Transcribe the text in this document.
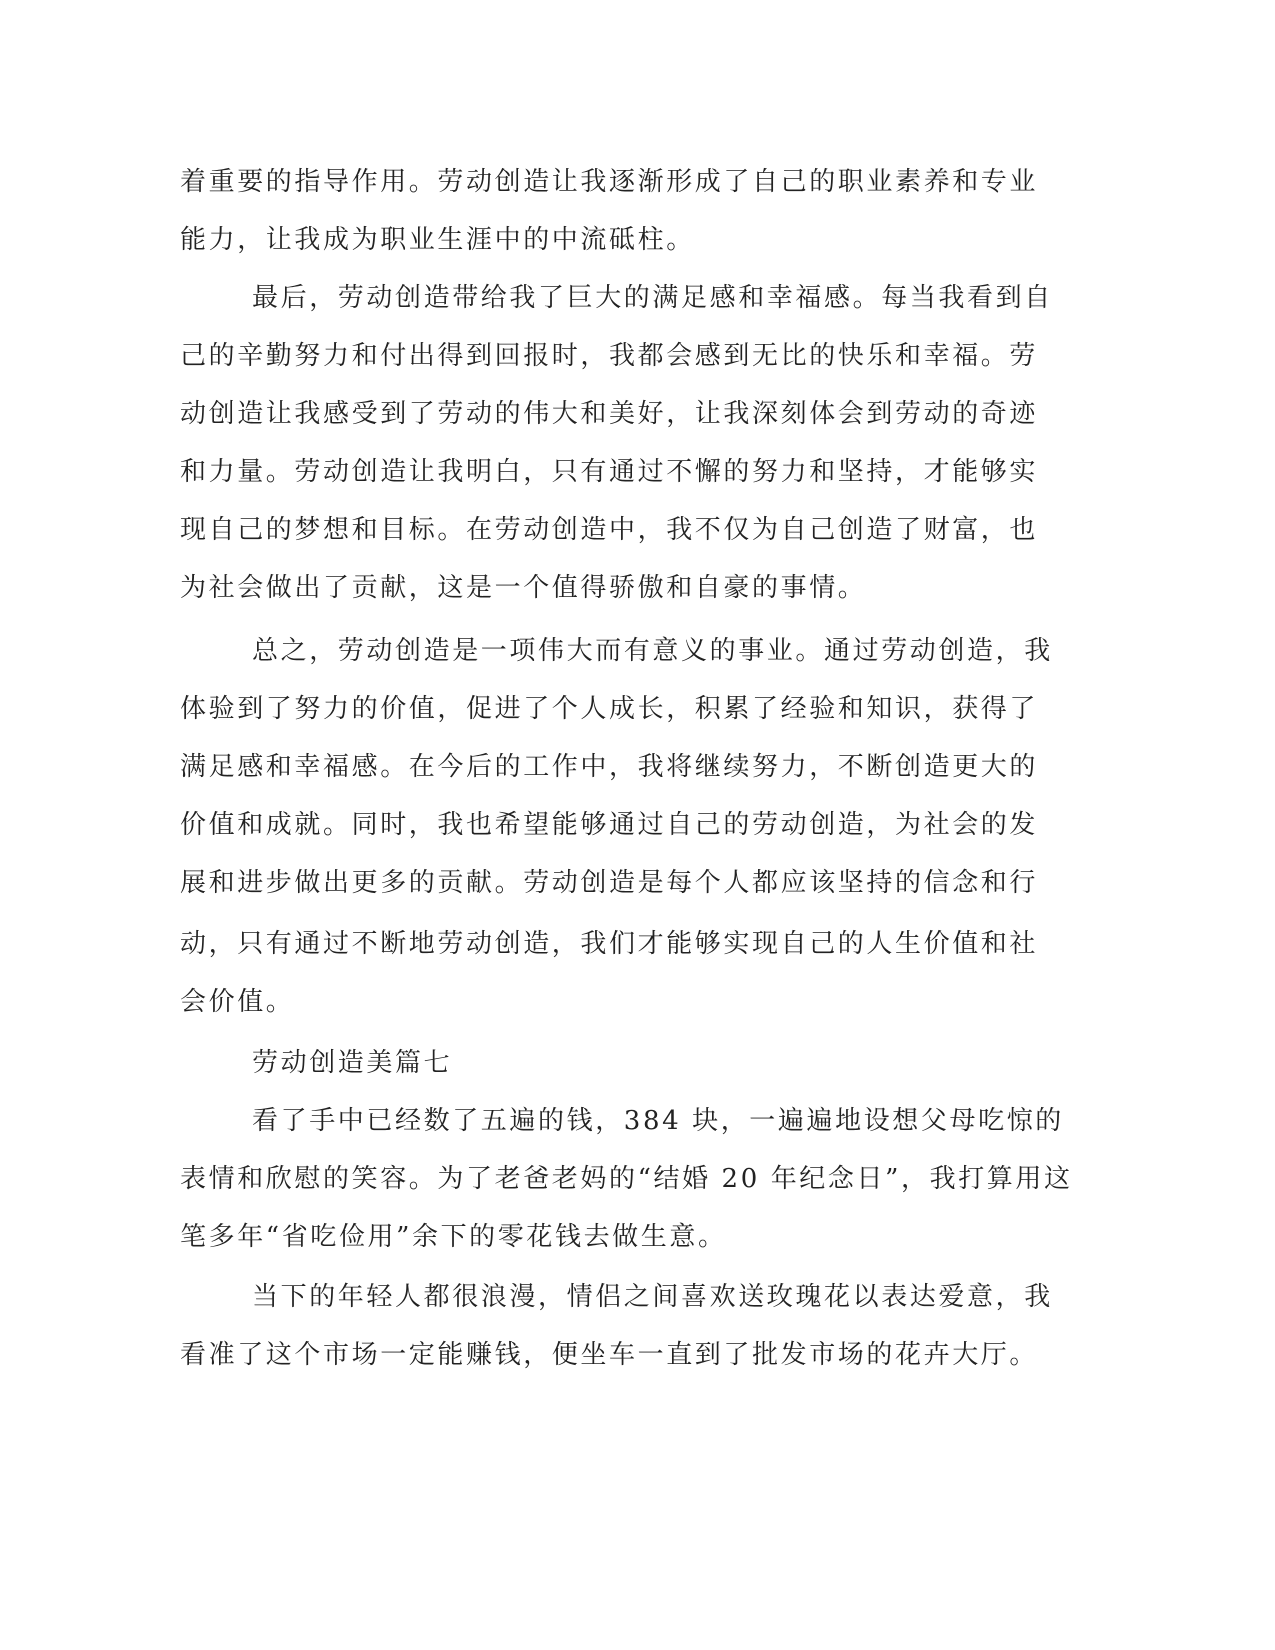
着重要的指导作用。劳动创造让我逐渐形成了自己的职业素养和专业
能力，让我成为职业生涯中的中流砥柱。
最后，劳动创造带给我了巨大的满足感和幸福感。每当我看到自
己的辛勤努力和付出得到回报时，我都会感到无比的快乐和幸福。劳
动创造让我感受到了劳动的伟大和美好，让我深刻体会到劳动的奇迹
和力量。劳动创造让我明白，只有通过不懈的努力和坚持，才能够实
现自己的梦想和目标。在劳动创造中，我不仅为自己创造了财富，也
为社会做出了贡献，这是一个值得骄傲和自豪的事情。
总之，劳动创造是一项伟大而有意义的事业。通过劳动创造，我
体验到了努力的价值，促进了个人成长，积累了经验和知识，获得了
满足感和幸福感。在今后的工作中，我将继续努力，不断创造更大的
价值和成就。同时，我也希望能够通过自己的劳动创造，为社会的发
展和进步做出更多的贡献。劳动创造是每个人都应该坚持的信念和行
动，只有通过不断地劳动创造，我们才能够实现自己的人生价值和社
会价值。
劳动创造美篇七
看了手中已经数了五遍的钱，384 块，一遍遍地设想父母吃惊的
表情和欣慰的笑容。为了老爸老妈的“结婚 20 年纪念日”，我打算用这
笔多年“省吃俭用”余下的零花钱去做生意。
当下的年轻人都很浪漫，情侣之间喜欢送玫瑰花以表达爱意，我
看准了这个市场一定能赚钱，便坐车一直到了批发市场的花卉大厅。
